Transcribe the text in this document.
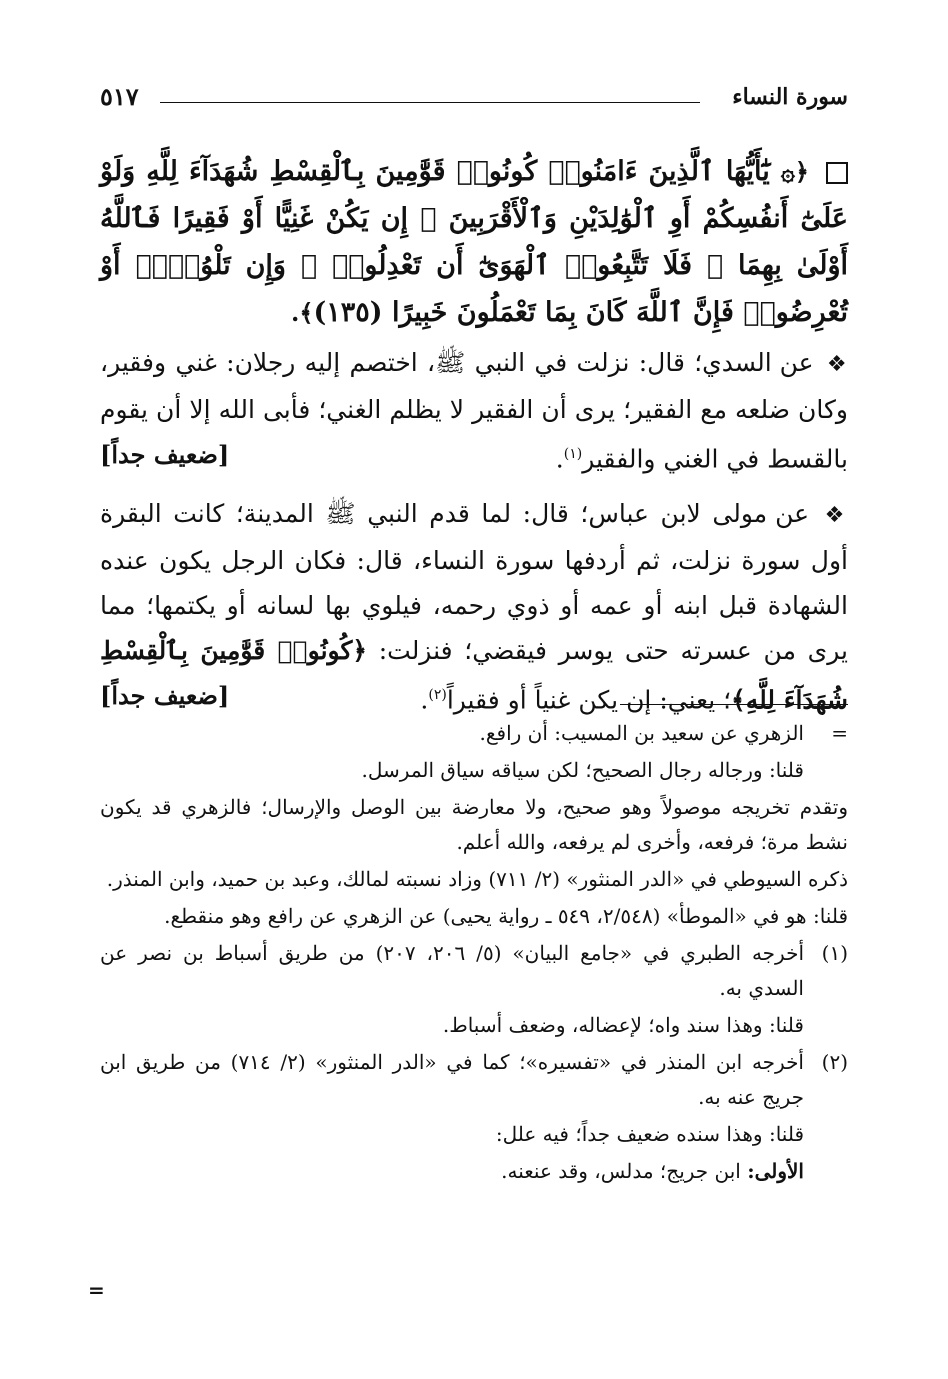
سورة النساء
٥١٧

﴿۞ يَٰٓأَيُّهَا ٱلَّذِينَ ءَامَنُوا۟ كُونُوا۟ قَوَّٰمِينَ بِٱلْقِسْطِ شُهَدَآءَ لِلَّهِ وَلَوْ عَلَىٰٓ أَنفُسِكُمْ أَوِ ٱلْوَٰلِدَيْنِ وَٱلْأَقْرَبِينَ ۚ إِن يَكُنْ غَنِيًّا أَوْ فَقِيرًا فَٱللَّهُ أَوْلَىٰ بِهِمَا ۖ فَلَا تَتَّبِعُوا۟ ٱلْهَوَىٰٓ أَن تَعْدِلُوا۟ ۚ وَإِن تَلْوُۥٓا۟ أَوْ تُعْرِضُوا۟ فَإِنَّ ٱللَّهَ كَانَ بِمَا تَعْمَلُونَ خَبِيرًا (١٣٥)﴾.

❖ عن السدي؛ قال: نزلت في النبي ﷺ، اختصم إليه رجلان: غني وفقير، وكان ضلعه مع الفقير؛ يرى أن الفقير لا يظلم الغني؛ فأبى الله إلا أن يقوم بالقسط في الغني والفقير$^{(١)}$.
[ضعيف جداً]

❖ عن مولى لابن عباس؛ قال: لما قدم النبي ﷺ المدينة؛ كانت البقرة أول سورة نزلت، ثم أردفها سورة النساء، قال: فكان الرجل يكون عنده الشهادة قبل ابنه أو عمه أو ذوي رحمه، فيلوي بها لسانه أو يكتمها؛ مما يرى من عسرته حتى يوسر فيقضي؛ فنزلت: ﴿كُونُوا۟ قَوَّٰمِينَ بِٱلْقِسْطِ شُهَدَآءَ لِلَّهِ﴾؛ يعني: إن يكن غنياً أو فقيراً$^{(٢)}$.
[ضعيف جداً]

=
الزهري عن سعيد بن المسيب: أن رافع.

قلنا: ورجاله رجال الصحيح؛ لكن سياقه سياق المرسل.

وتقدم تخريجه موصولاً وهو صحيح، ولا معارضة بين الوصل والإرسال؛ فالزهري قد يكون نشط مرة؛ فرفعه، وأخرى لم يرفعه، والله أعلم.

ذكره السيوطي في «الدر المنثور» (٢/ ٧١١) وزاد نسبته لمالك، وعبد بن حميد، وابن المنذر.

قلنا: هو في «الموطأ» (٢/٥٤٨، ٥٤٩ ـ رواية يحيى) عن الزهري عن رافع وهو منقطع.

(١)
أخرجه الطبري في «جامع البيان» (٥/ ٢٠٦، ٢٠٧) من طريق أسباط بن نصر عن السدي به.

قلنا: وهذا سند واه؛ لإعضاله، وضعف أسباط.

(٢)
أخرجه ابن المنذر في «تفسيره»؛ كما في «الدر المنثور» (٢/ ٧١٤) من طريق ابن جريج عنه به.

قلنا: وهذا سنده ضعيف جداً؛ فيه علل:

الأولى: ابن جريج؛ مدلس، وقد عنعنه.

=
